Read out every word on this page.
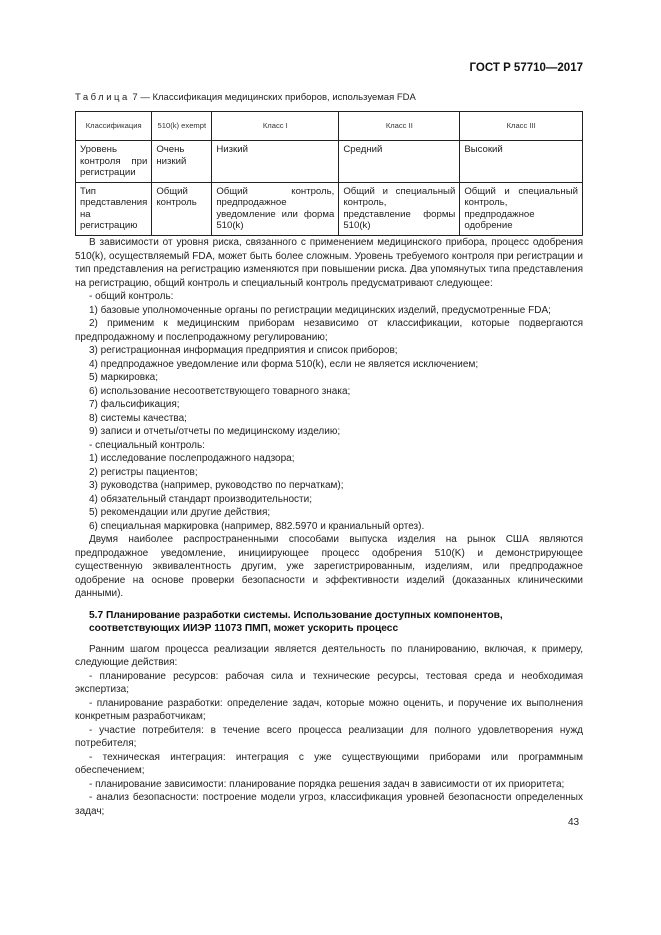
ГОСТ Р 57710—2017
Таблица 7 — Классификация медицинских приборов, используемая FDA
Классификация	510(k) exempt	Класс I	Класс II	Класс III
Уровень контроля при регистрации	Очень низкий	Низкий	Средний	Высокий
Тип представления на регистрацию	Общий контроль	Общий контроль, предпродажное уведомление или форма 510(k)	Общий и специальный контроль, представление формы 510(k)	Общий и специальный контроль, предпродажное одобрение

В зависимости от уровня риска, связанного с применением медицинского прибора, процесс одобрения 510(k), осуществляемый FDA, может быть более сложным. Уровень требуемого контроля при регистрации и тип представления на регистрацию изменяются при повышении риска. Два упомянутых типа представления на регистрацию, общий контроль и специальный контроль предусматривают следующее:

- общий контроль:

1) базовые уполномоченные органы по регистрации медицинских изделий, предусмотренные FDA;

2) применим к медицинским приборам независимо от классификации, которые подвергаются предпродажному и послепродажному регулированию;

3) регистрационная информация предприятия и список приборов;

4) предпродажное уведомление или форма 510(k), если не является исключением;

5) маркировка;

6) использование несоответствующего товарного знака;

7) фальсификация;

8) системы качества;

9) записи и отчеты/отчеты по медицинскому изделию;

- специальный контроль:

1) исследование послепродажного надзора;

2) регистры пациентов;

3) руководства (например, руководство по перчаткам);

4) обязательный стандарт производительности;

5) рекомендации или другие действия;

6) специальная маркировка (например, 882.5970 и краниальный ортез).

Двумя наиболее распространенными способами выпуска изделия на рынок США являются предпродажное уведомление, инициирующее процесс одобрения 510(K) и демонстрирующее существенную эквивалентность другим, уже зарегистрированным, изделиям, или предпродажное одобрение на основе проверки безопасности и эффективности изделий (доказанных клиническими данными).

5.7 Планирование разработки системы. Использование доступных компонентов, соответствующих ИИЭР 11073 ПМП, может ускорить процесс

Ранним шагом процесса реализации является деятельность по планированию, включая, к примеру, следующие действия:

- планирование ресурсов: рабочая сила и технические ресурсы, тестовая среда и необходимая экспертиза;

- планирование разработки: определение задач, которые можно оценить, и поручение их выполнения конкретным разработчикам;

- участие потребителя: в течение всего процесса реализации для полного удовлетворения нужд потребителя;

- техническая интеграция: интеграция с уже существующими приборами или программным обеспечением;

- планирование зависимости: планирование порядка решения задач в зависимости от их приоритета;

- анализ безопасности: построение модели угроз, классификация уровней безопасности определенных задач;

43
